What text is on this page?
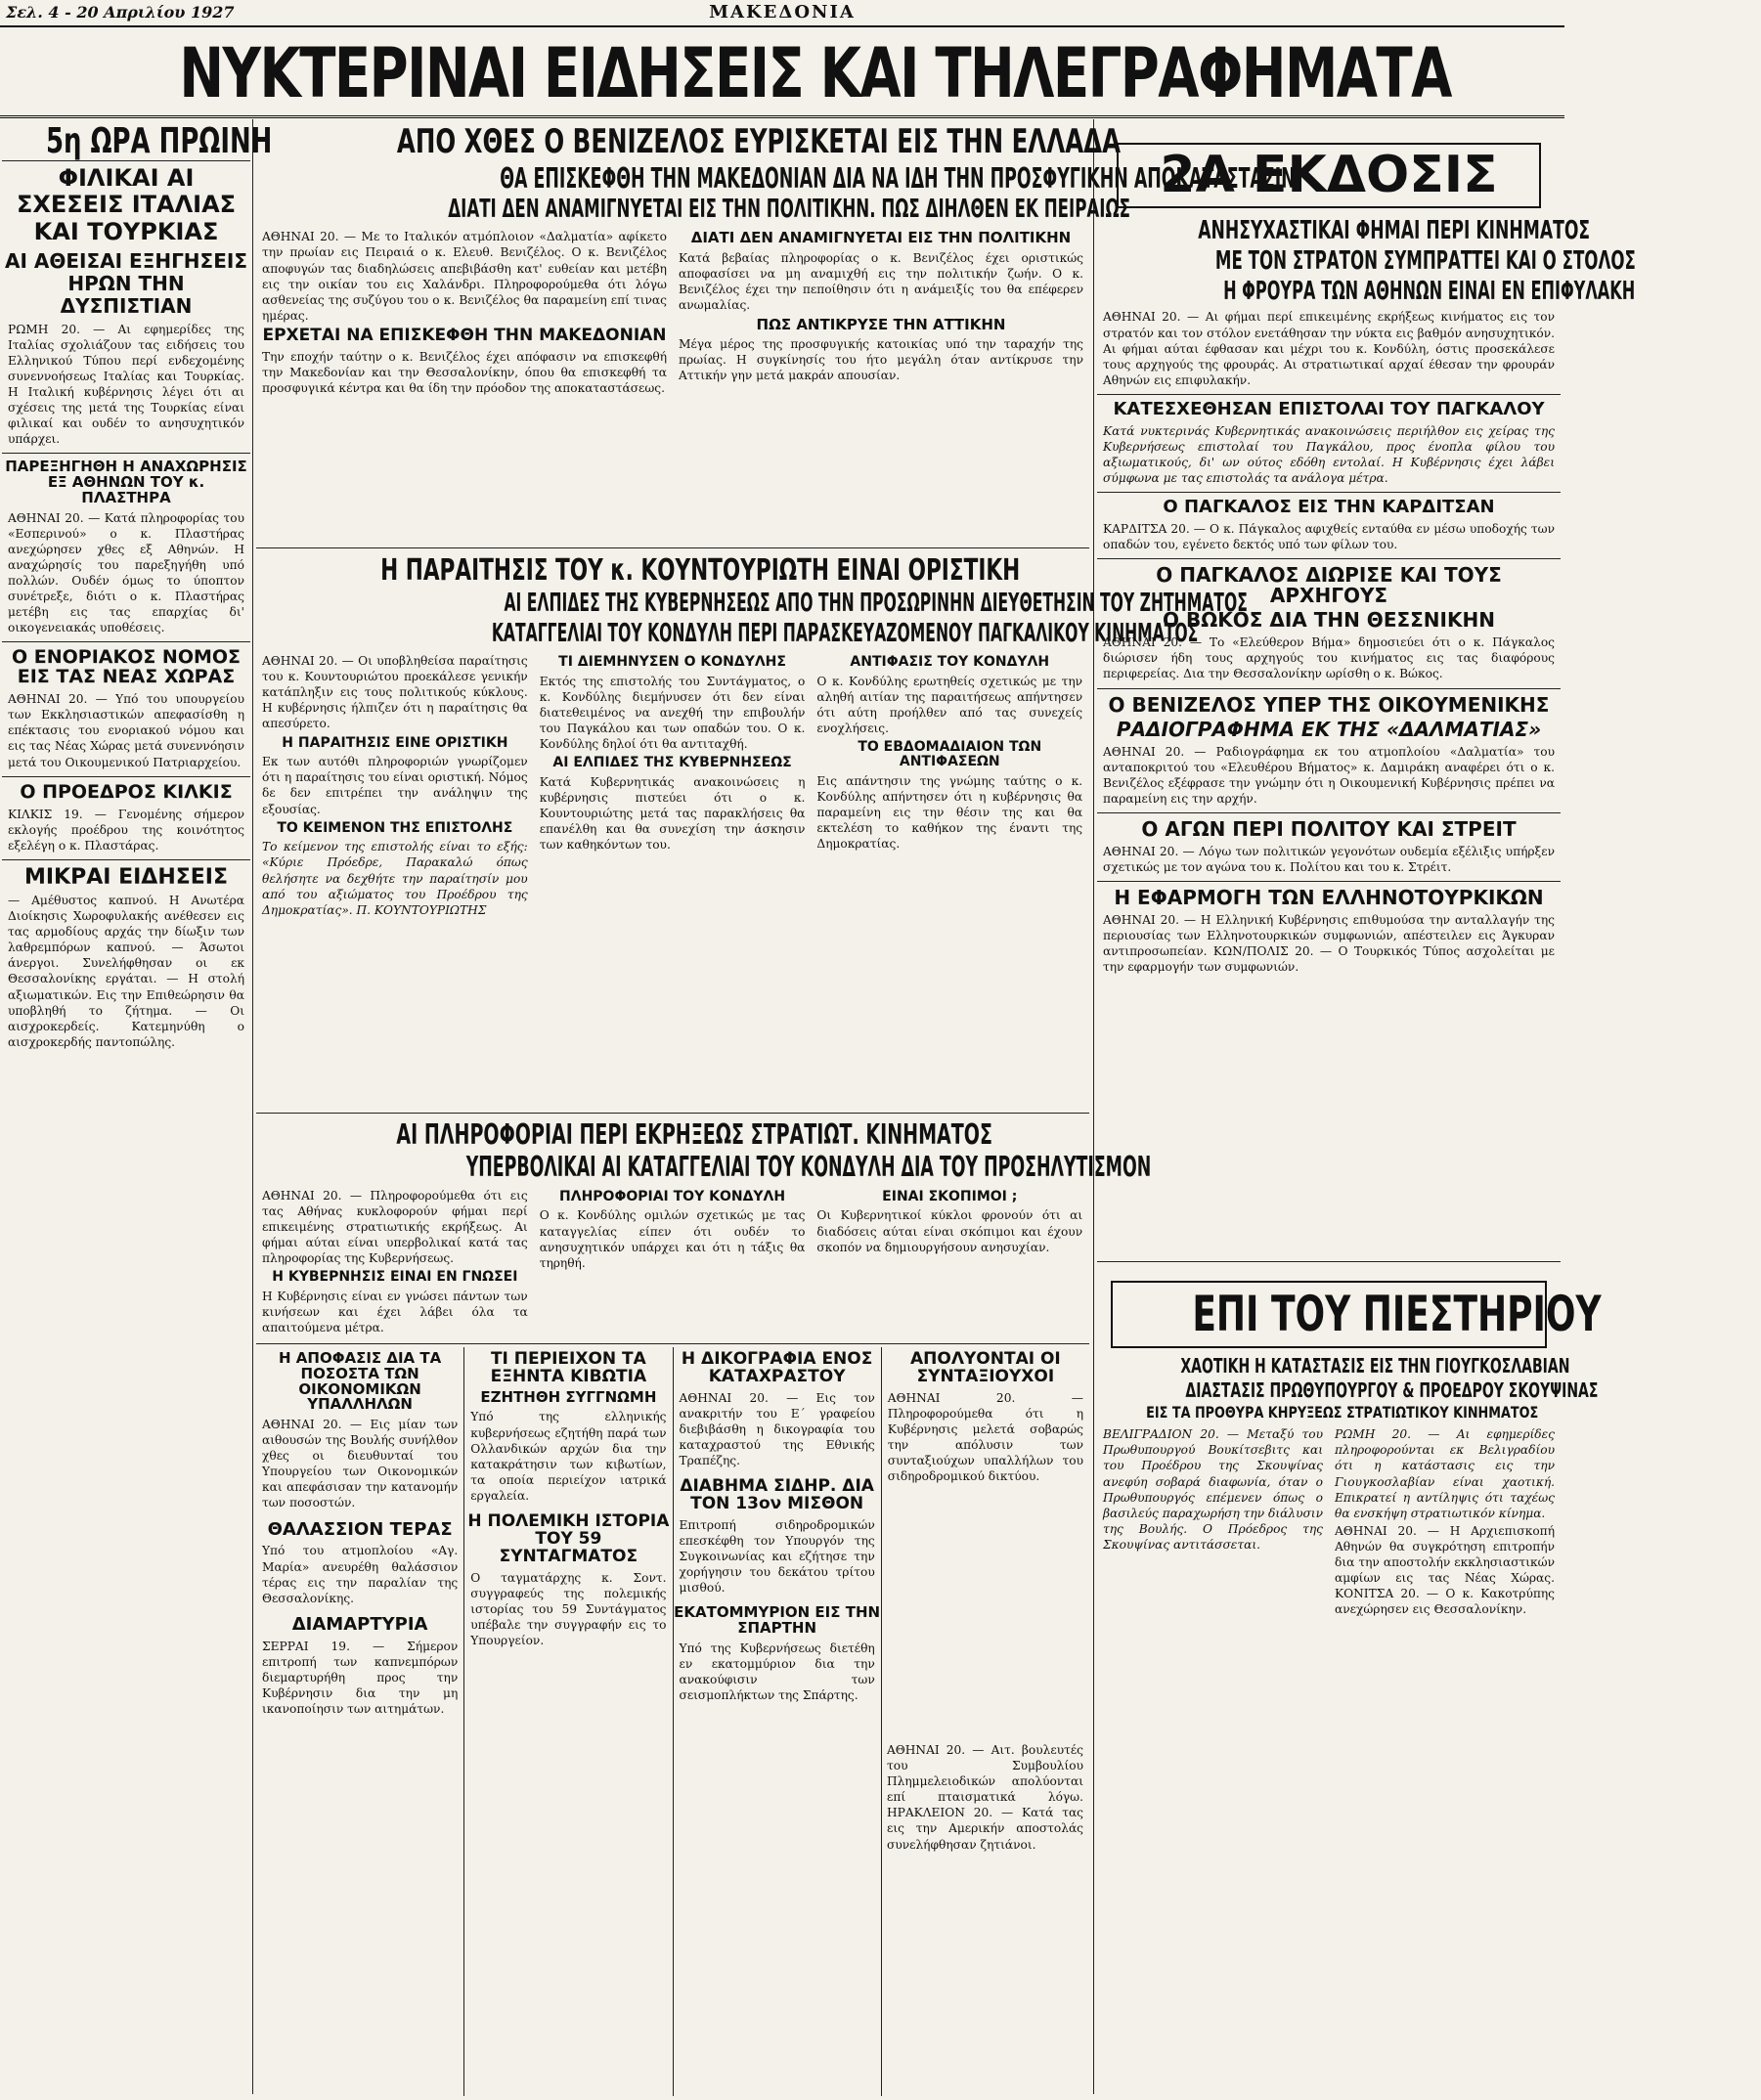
Σελ. 4 - 20 Απριλίου 1927	ΜΑΚΕΔΟΝΙΑ
ΝΥΚΤΕΡΙΝΑΙ ΕΙΔΗΣΕΙΣ ΚΑΙ ΤΗΛΕΓΡΑΦΗΜΑΤΑ
5η ΩΡΑ ΠΡΩΙΝΗ
ΦΙΛΙΚΑΙ ΑΙ ΣΧΕΣΕΙΣ ΙΤΑΛΙΑΣ ΚΑΙ ΤΟΥΡΚΙΑΣ
ΑΙ ΑΘΕΙΣΑΙ ΕΞΗΓΗΣΕΙΣ ΗΡΩΝ ΤΗΝ ΔΥΣΠΙΣΤΙΑΝ
ΡΩΜΗ 20. — Αι εφημερίδες της Ιταλίας σχολιάζουν τας ειδήσεις του Ελληνικού Τύπου περί ενδεχομένης συνεννοήσεως Ιταλίας και Τουρκίας. Η Ιταλική κυβέρνησις λέγει ότι αι σχέσεις της μετά της Τουρκίας είναι φιλικαί και ουδέν το ανησυχητικόν υπάρχει.
ΠΑΡΕΞΗΓΗΘΗ Η ΑΝΑΧΩΡΗΣΙΣ ΕΞ ΑΘΗΝΩΝ ΤΟΥ κ. ΠΛΑΣΤΗΡΑ
ΑΘΗΝΑΙ 20. — Κατά πληροφορίας του «Εσπερινού» ο κ. Πλαστήρας ανεχώρησεν χθες εξ Αθηνών. Η αναχώρησίς του παρεξηγήθη υπό πολλών. Ουδέν όμως το ύποπτον συνέτρεξε, διότι ο κ. Πλαστήρας μετέβη εις τας επαρχίας δι' οικογενειακάς υποθέσεις.
Ο ΕΝΟΡΙΑΚΟΣ ΝΟΜΟΣ ΕΙΣ ΤΑΣ ΝΕΑΣ ΧΩΡΑΣ
ΑΘΗΝΑΙ 20. — Υπό του υπουργείου των Εκκλησιαστικών απεφασίσθη η επέκτασις του ενοριακού νόμου και εις τας Νέας Χώρας μετά συνεννόησιν μετά του Οικουμενικού Πατριαρχείου.
Ο ΠΡΟΕΔΡΟΣ ΚΙΛΚΙΣ
ΚΙΛΚΙΣ 19. — Γενομένης σήμερον εκλογής προέδρου της κοινότητος εξελέγη ο κ. Πλαστάρας.
ΜΙΚΡΑΙ ΕΙΔΗΣΕΙΣ
— Αμέθυστος καπνού. Η Ανωτέρα Διοίκησις Χωροφυλακής ανέθεσεν εις τας αρμοδίους αρχάς την δίωξιν των λαθρεμπόρων καπνού. — Άσωτοι άνεργοι. Συνελήφθησαν οι εκ Θεσσαλονίκης εργάται. — Η στολή αξιωματικών. Εις την Επιθεώρησιν θα υποβληθή το ζήτημα. — Οι αισχροκερδείς. Κατεμηνύθη ο αισχροκερδής παντοπώλης.
ΑΠΟ ΧΘΕΣ Ο ΒΕΝΙΖΕΛΟΣ ΕΥΡΙΣΚΕΤΑΙ ΕΙΣ ΤΗΝ ΕΛΛΑΔΑ
ΘΑ ΕΠΙΣΚΕΦΘΗ ΤΗΝ ΜΑΚΕΔΟΝΙΑΝ ΔΙΑ ΝΑ ΙΔΗ ΤΗΝ ΠΡΟΣΦΥΓΙΚΗΝ ΑΠΟΚΑΤΑΣΤΑΣΙΝ
ΔΙΑΤΙ ΔΕΝ ΑΝΑΜΙΓΝΥΕΤΑΙ ΕΙΣ ΤΗΝ ΠΟΛΙΤΙΚΗΝ. ΠΩΣ ΔΙΗΛΘΕΝ ΕΚ ΠΕΙΡΑΙΩΣ
ΑΘΗΝΑΙ 20. — Με το Ιταλικόν ατμόπλοιον «Δαλματία» αφίκετο την πρωίαν εις Πειραιά ο κ. Ελευθ. Βενιζέλος. Ο κ. Βενιζέλος αποφυγών τας διαδηλώσεις απεβιβάσθη κατ' ευθείαν και μετέβη εις την οικίαν του εις Χαλάνδρι. Πληροφορούμεθα ότι λόγω ασθενείας της συζύγου του ο κ. Βενιζέλος θα παραμείνη επί τινας ημέρας.
ΕΡΧΕΤΑΙ ΝΑ ΕΠΙΣΚΕΦΘΗ ΤΗΝ ΜΑΚΕΔΟΝΙΑΝ
Την εποχήν ταύτην ο κ. Βενιζέλος έχει απόφασιν να επισκεφθή την Μακεδονίαν και την Θεσσαλονίκην, όπου θα επισκεφθή τα προσφυγικά κέντρα και θα ίδη την πρόοδον της αποκαταστάσεως.
ΔΙΑΤΙ ΔΕΝ ΑΝΑΜΙΓΝΥΕΤΑΙ ΕΙΣ ΤΗΝ ΠΟΛΙΤΙΚΗΝ
Κατά βεβαίας πληροφορίας ο κ. Βενιζέλος έχει οριστικώς αποφασίσει να μη αναμιχθή εις την πολιτικήν ζωήν. Ο κ. Βενιζέλος έχει την πεποίθησιν ότι η ανάμειξίς του θα επέφερεν ανωμαλίας.
ΠΩΣ ΑΝΤΙΚΡΥΣΕ ΤΗΝ ΑΤΤΙΚΗΝ
Μέγα μέρος της προσφυγικής κατοικίας υπό την ταραχήν της πρωίας. Η συγκίνησίς του ήτο μεγάλη όταν αντίκρυσε την Αττικήν γην μετά μακράν απουσίαν.
Η ΠΑΡΑΙΤΗΣΙΣ ΤΟΥ κ. ΚΟΥΝΤΟΥΡΙΩΤΗ ΕΙΝΑΙ ΟΡΙΣΤΙΚΗ
ΑΙ ΕΛΠΙΔΕΣ ΤΗΣ ΚΥΒΕΡΝΗΣΕΩΣ ΑΠΟ ΤΗΝ ΠΡΟΣΩΡΙΝΗΝ ΔΙΕΥΘΕΤΗΣΙΝ ΤΟΥ ΖΗΤΗΜΑΤΟΣ
ΚΑΤΑΓΓΕΛΙΑΙ ΤΟΥ ΚΟΝΔΥΛΗ ΠΕΡΙ ΠΑΡΑΣΚΕΥΑΖΟΜΕΝΟΥ ΠΑΓΚΑΛΙΚΟΥ ΚΙΝΗΜΑΤΟΣ
ΑΘΗΝΑΙ 20. — Οι υποβληθείσα παραίτησις του κ. Κουντουριώτου προεκάλεσε γενικήν κατάπληξιν εις τους πολιτικούς κύκλους. Η κυβέρνησις ήλπιζεν ότι η παραίτησις θα απεσύρετο.
Η ΠΑΡΑΙΤΗΣΙΣ ΕΙΝΕ ΟΡΙΣΤΙΚΗ
Εκ των αυτόθι πληροφοριών γνωρίζομεν ότι η παραίτησις του είναι οριστική. Νόμος δε δεν επιτρέπει την ανάληψιν της εξουσίας.
ΤΟ ΚΕΙΜΕΝΟΝ ΤΗΣ ΕΠΙΣΤΟΛΗΣ
Το κείμενον της επιστολής είναι το εξής: «Κύριε Πρόεδρε, Παρακαλώ όπως θελήσητε να δεχθήτε την παραίτησίν μου από του αξιώματος του Προέδρου της Δημοκρατίας». Π. ΚΟΥΝΤΟΥΡΙΩΤΗΣ
ΤΙ ΔΙΕΜΗΝΥΣΕΝ Ο ΚΟΝΔΥΛΗΣ
Εκτός της επιστολής του Συντάγματος, ο κ. Κονδύλης διεμήνυσεν ότι δεν είναι διατεθειμένος να ανεχθή την επιβουλήν του Παγκάλου και των οπαδών του. Ο κ. Κονδύλης δηλοί ότι θα αντιταχθή.
ΑΙ ΕΛΠΙΔΕΣ ΤΗΣ ΚΥΒΕΡΝΗΣΕΩΣ
Κατά Κυβερνητικάς ανακοινώσεις η κυβέρνησις πιστεύει ότι ο κ. Κουντουριώτης μετά τας παρακλήσεις θα επανέλθη και θα συνεχίση την άσκησιν των καθηκόντων του.
ΑΝΤΙΦΑΣΙΣ ΤΟΥ ΚΟΝΔΥΛΗ
Ο κ. Κονδύλης ερωτηθείς σχετικώς με την αληθή αιτίαν της παραιτήσεως απήντησεν ότι αύτη προήλθεν από τας συνεχείς ενοχλήσεις.
ΤΟ ΕΒΔΟΜΑΔΙΑΙΟΝ ΤΩΝ ΑΝΤΙΦΑΣΕΩΝ
Εις απάντησιν της γνώμης ταύτης ο κ. Κονδύλης απήντησεν ότι η κυβέρνησις θα παραμείνη εις την θέσιν της και θα εκτελέση το καθήκον της έναντι της Δημοκρατίας.
ΑΙ ΠΛΗΡΟΦΟΡΙΑΙ ΠΕΡΙ ΕΚΡΗΞΕΩΣ ΣΤΡΑΤΙΩΤ. ΚΙΝΗΜΑΤΟΣ
ΥΠΕΡΒΟΛΙΚΑΙ ΑΙ ΚΑΤΑΓΓΕΛΙΑΙ ΤΟΥ ΚΟΝΔΥΛΗ ΔΙΑ ΤΟΥ ΠΡΟΣΗΛΥΤΙΣΜΟΝ
ΑΘΗΝΑΙ 20. — Πληροφορούμεθα ότι εις τας Αθήνας κυκλοφορούν φήμαι περί επικειμένης στρατιωτικής εκρήξεως. Αι φήμαι αύται είναι υπερβολικαί κατά τας πληροφορίας της Κυβερνήσεως.
Η ΚΥΒΕΡΝΗΣΙΣ ΕΙΝΑΙ ΕΝ ΓΝΩΣΕΙ
Η Κυβέρνησις είναι εν γνώσει πάντων των κινήσεων και έχει λάβει όλα τα απαιτούμενα μέτρα.
ΠΛΗΡΟΦΟΡΙΑΙ ΤΟΥ ΚΟΝΔΥΛΗ
Ο κ. Κονδύλης ομιλών σχετικώς με τας καταγγελίας είπεν ότι ουδέν το ανησυχητικόν υπάρχει και ότι η τάξις θα τηρηθή.
ΕΙΝΑΙ ΣΚΟΠΙΜΟΙ ;
Οι Κυβερνητικοί κύκλοι φρονούν ότι αι διαδόσεις αύται είναι σκόπιμοι και έχουν σκοπόν να δημιουργήσουν ανησυχίαν.
Η ΑΠΟΦΑΣΙΣ ΔΙΑ ΤΑ ΠΟΣΟΣΤΑ ΤΩΝ ΟΙΚΟΝΟΜΙΚΩΝ ΥΠΑΛΛΗΛΩΝ
ΑΘΗΝΑΙ 20. — Εις μίαν των αιθουσών της Βουλής συνήλθον χθες οι διευθυνταί του Υπουργείου των Οικονομικών και απεφάσισαν την κατανομήν των ποσοστών.
ΘΑΛΑΣΣΙΟΝ ΤΕΡΑΣ
Υπό του ατμοπλοίου «Αγ. Μαρία» ανευρέθη θαλάσσιον τέρας εις την παραλίαν της Θεσσαλονίκης.
ΔΙΑΜΑΡΤΥΡΙΑ
ΣΕΡΡΑΙ 19. — Σήμερον επιτροπή των καπνεμπόρων διεμαρτυρήθη προς την Κυβέρνησιν δια την μη ικανοποίησιν των αιτημάτων.
ΤΙ ΠΕΡΙΕΙΧΟΝ ΤΑ ΕΞΗΝΤΑ ΚΙΒΩΤΙΑ
ΕΖΗΤΗΘΗ ΣΥΓΓΝΩΜΗ
Υπό της ελληνικής κυβερνήσεως εζητήθη παρά των Ολλανδικών αρχών δια την κατακράτησιν των κιβωτίων, τα οποία περιείχον ιατρικά εργαλεία.
Η ΠΟΛΕΜΙΚΗ ΙΣΤΟΡΙΑ ΤΟΥ 59 ΣΥΝΤΑΓΜΑΤΟΣ
Ο ταγματάρχης κ. Σοντ. συγγραφεύς της πολεμικής ιστορίας του 59 Συντάγματος υπέβαλε την συγγραφήν εις το Υπουργείον.
Η ΔΙΚΟΓΡΑΦΙΑ ΕΝΟΣ ΚΑΤΑΧΡΑΣΤΟΥ
ΑΘΗΝΑΙ 20. — Εις τον ανακριτήν του Ε΄ γραφείου διεβιβάσθη η δικογραφία του καταχραστού της Εθνικής Τραπέζης.
ΔΙΑΒΗΜΑ ΣΙΔΗΡ. ΔΙΑ ΤΟΝ 13ον ΜΙΣΘΟΝ
Επιτροπή σιδηροδρομικών επεσκέφθη τον Υπουργόν της Συγκοινωνίας και εζήτησε την χορήγησιν του δεκάτου τρίτου μισθού.
ΕΚΑΤΟΜΜΥΡΙΟΝ ΕΙΣ ΤΗΝ ΣΠΑΡΤΗΝ
Υπό της Κυβερνήσεως διετέθη εν εκατομμύριον δια την ανακούφισιν των σεισμοπλήκτων της Σπάρτης.
ΑΠΟΛΥΟΝΤΑΙ ΟΙ ΣΥΝΤΑΞΙΟΥΧΟΙ
ΑΘΗΝΑΙ 20. — Πληροφορούμεθα ότι η Κυβέρνησις μελετά σοβαρώς την απόλυσιν των συνταξιούχων υπαλλήλων του σιδηροδρομικού δικτύου.
2Α ΕΚΔΟΣΙΣ
ΑΝΗΣΥΧΑΣΤΙΚΑΙ ΦΗΜΑΙ ΠΕΡΙ ΚΙΝΗΜΑΤΟΣ
ΜΕ ΤΟΝ ΣΤΡΑΤΟΝ ΣΥΜΠΡΑΤΤΕΙ ΚΑΙ Ο ΣΤΟΛΟΣ
Η ΦΡΟΥΡΑ ΤΩΝ ΑΘΗΝΩΝ ΕΙΝΑΙ ΕΝ ΕΠΙΦΥΛΑΚΗ
ΑΘΗΝΑΙ 20. — Αι φήμαι περί επικειμένης εκρήξεως κινήματος εις τον στρατόν και τον στόλον ενετάθησαν την νύκτα εις βαθμόν ανησυχητικόν. Αι φήμαι αύται έφθασαν και μέχρι του κ. Κονδύλη, όστις προσεκάλεσε τους αρχηγούς της φρουράς. Αι στρατιωτικαί αρχαί έθεσαν την φρουράν Αθηνών εις επιφυλακήν.
ΚΑΤΕΣΧΕΘΗΣΑΝ ΕΠΙΣΤΟΛΑΙ ΤΟΥ ΠΑΓΚΑΛΟΥ
Κατά νυκτερινάς Κυβερνητικάς ανακοινώσεις περιήλθον εις χείρας της Κυβερνήσεως επιστολαί του Παγκάλου, προς ένοπλα φίλου του αξιωματικούς, δι' ων ούτος εδόθη εντολαί. Η Κυβέρνησις έχει λάβει σύμφωνα με τας επιστολάς τα ανάλογα μέτρα.
Ο ΠΑΓΚΑΛΟΣ ΕΙΣ ΤΗΝ ΚΑΡΔΙΤΣΑΝ
ΚΑΡΔΙΤΣΑ 20. — Ο κ. Πάγκαλος αφιχθείς ενταύθα εν μέσω υποδοχής των οπαδών του, εγένετο δεκτός υπό των φίλων του.
Ο ΠΑΓΚΑΛΟΣ ΔΙΩΡΙΣΕ ΚΑΙ ΤΟΥΣ ΑΡΧΗΓΟΥΣ
Ο ΒΩΚΟΣ ΔΙΑ ΤΗΝ ΘΕΣΣΝΙΚΗΝ
ΑΘΗΝΑΙ 20. — Το «Ελεύθερον Βήμα» δημοσιεύει ότι ο κ. Πάγκαλος διώρισεν ήδη τους αρχηγούς του κινήματος εις τας διαφόρους περιφερείας. Δια την Θεσσαλονίκην ωρίσθη ο κ. Βώκος.
Ο ΒΕΝΙΖΕΛΟΣ ΥΠΕΡ ΤΗΣ ΟΙΚΟΥΜΕΝΙΚΗΣ
ΡΑΔΙΟΓΡΑΦΗΜΑ ΕΚ ΤΗΣ «ΔΑΛΜΑΤΙΑΣ»
ΑΘΗΝΑΙ 20. — Ραδιογράφημα εκ του ατμοπλοίου «Δαλματία» του ανταποκριτού του «Ελευθέρου Βήματος» κ. Δαμιράκη αναφέρει ότι ο κ. Βενιζέλος εξέφρασε την γνώμην ότι η Οικουμενική Κυβέρνησις πρέπει να παραμείνη εις την αρχήν.
Ο ΑΓΩΝ ΠΕΡΙ ΠΟΛΙΤΟΥ ΚΑΙ ΣΤΡΕΙΤ
ΑΘΗΝΑΙ 20. — Λόγω των πολιτικών γεγονότων ουδεμία εξέλιξις υπήρξεν σχετικώς με τον αγώνα του κ. Πολίτου και του κ. Στρέιτ.
Η ΕΦΑΡΜΟΓΗ ΤΩΝ ΕΛΛΗΝΟΤΟΥΡΚΙΚΩΝ
ΑΘΗΝΑΙ 20. — Η Ελληνική Κυβέρνησις επιθυμούσα την ανταλλαγήν της περιουσίας των Ελληνοτουρκικών συμφωνιών, απέστειλεν εις Άγκυραν αντιπροσωπείαν. ΚΩΝ/ΠΟΛΙΣ 20. — Ο Τουρκικός Τύπος ασχολείται με την εφαρμογήν των συμφωνιών.
ΕΠΙ ΤΟΥ ΠΙΕΣΤΗΡΙΟΥ
ΧΑΟΤΙΚΗ Η ΚΑΤΑΣΤΑΣΙΣ ΕΙΣ ΤΗΝ ΓΙΟΥΓΚΟΣΛΑΒΙΑΝ
ΔΙΑΣΤΑΣΙΣ ΠΡΩΘΥΠΟΥΡΓΟΥ & ΠΡΟΕΔΡΟΥ ΣΚΟΥΨΙΝΑΣ
ΕΙΣ ΤΑ ΠΡΟΘΥΡΑ ΚΗΡΥΞΕΩΣ ΣΤΡΑΤΙΩΤΙΚΟΥ ΚΙΝΗΜΑΤΟΣ
ΒΕΛΙΓΡΑΔΙΟΝ 20. — Μεταξύ του Πρωθυπουργού Βουκίτσεβιτς και του Προέδρου της Σκουψίνας ανεφύη σοβαρά διαφωνία, όταν ο Πρωθυπουργός επέμενεν όπως ο βασιλεύς παραχωρήση την διάλυσιν της Βουλής. Ο Πρόεδρος της Σκουψίνας αντιτάσσεται.
ΡΩΜΗ 20. — Αι εφημερίδες πληροφορούνται εκ Βελιγραδίου ότι η κατάστασις εις την Γιουγκοσλαβίαν είναι χαοτική. Επικρατεί η αντίληψις ότι ταχέως θα ενσκήψη στρατιωτικόν κίνημα.
ΑΘΗΝΑΙ 20. — Η Αρχιεπισκοπή Αθηνών θα συγκρότηση επιτροπήν δια την αποστολήν εκκλησιαστικών αμφίων εις τας Νέας Χώρας. ΚΟΝΙΤΣΑ 20. — Ο κ. Κακοτρύπης ανεχώρησεν εις Θεσσαλονίκην.
ΑΘΗΝΑΙ 20. — Αιτ. βουλευτές του Συμβουλίου Πλημμελειοδικών απολύονται επί πταισματικά λόγω. ΗΡΑΚΛΕΙΟΝ 20. — Κατά τας εις την Αμερικήν αποστολάς συνελήφθησαν ζητιάνοι.
